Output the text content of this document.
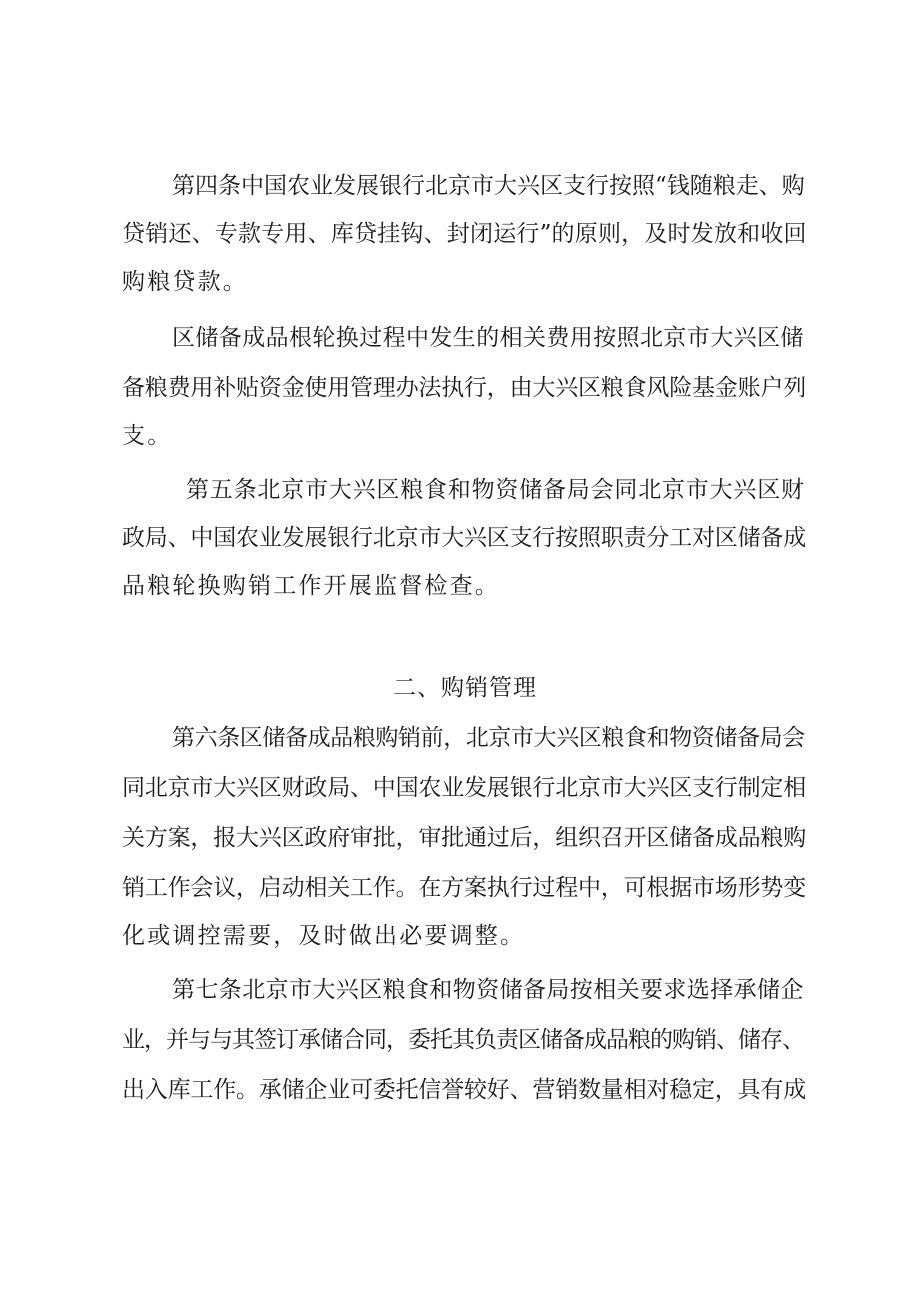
第四条中国农业发展银行北京市大兴区支行按照“钱随粮走、购
贷销还、专款专用、库贷挂钩、封闭运行”的原则，及时发放和收回
购粮贷款。
区储备成品根轮换过程中发生的相关费用按照北京市大兴区储
备粮费用补贴资金使用管理办法执行，由大兴区粮食风险基金账户列
支。
第五条北京市大兴区粮食和物资储备局会同北京市大兴区财
政局、中国农业发展银行北京市大兴区支行按照职责分工对区储备成
品粮轮换购销工作开展监督检查。
二、购销管理
第六条区储备成品粮购销前，北京市大兴区粮食和物资储备局会
同北京市大兴区财政局、中国农业发展银行北京市大兴区支行制定相
关方案，报大兴区政府审批，审批通过后，组织召开区储备成品粮购
销工作会议，启动相关工作。在方案执行过程中，可根据市场形势变
化或调控需要，及时做出必要调整。
第七条北京市大兴区粮食和物资储备局按相关要求选择承储企
业，并与与其签订承储合同，委托其负责区储备成品粮的购销、储存、
出入库工作。承储企业可委托信誉较好、营销数量相对稳定，具有成
